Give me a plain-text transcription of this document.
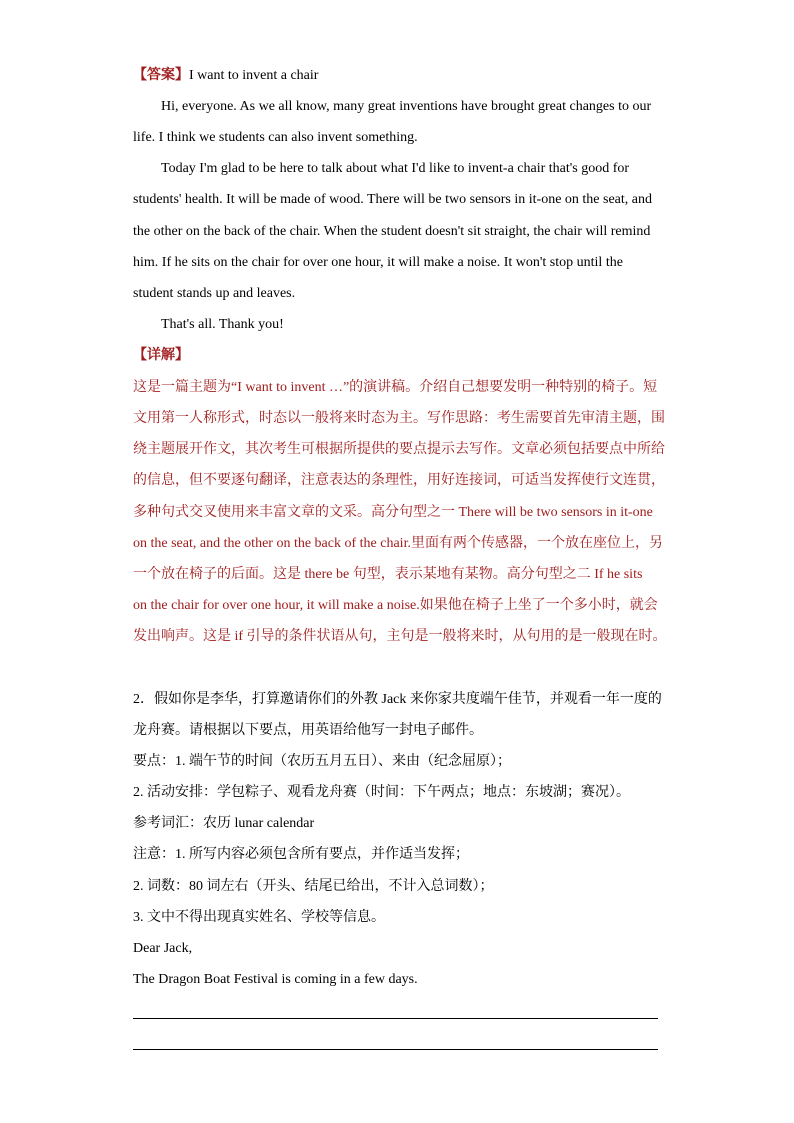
【答案】I want to invent a chair
Hi, everyone. As we all know, many great inventions have brought great changes to our
life. I think we students can also invent something.
Today I'm glad to be here to talk about what I'd like to invent-a chair that's good for
students' health. It will be made of wood. There will be two sensors in it-one on the seat, and
the other on the back of the chair. When the student doesn't sit straight, the chair will remind
him. If he sits on the chair for over one hour, it will make a noise. It won't stop until the
student stands up and leaves.
That's all. Thank you!
【详解】
这是一篇主题为“I want to invent …”的演讲稿。介绍自己想要发明一种特别的椅子。短
文用第一人称形式，时态以一般将来时态为主。写作思路：考生需要首先审清主题，围
绕主题展开作文，其次考生可根据所提供的要点提示去写作。文章必须包括要点中所给
的信息，但不要逐句翻译，注意表达的条理性，用好连接词，可适当发挥使行文连贯，
多种句式交叉使用来丰富文章的文采。高分句型之一 There will be two sensors in it-one
on the seat, and the other on the back of the chair.里面有两个传感器，一个放在座位上，另
一个放在椅子的后面。这是 there be 句型，表示某地有某物。高分句型之二 If he sits
on the chair for over one hour, it will make a noise.如果他在椅子上坐了一个多小时，就会
发出响声。这是 if 引导的条件状语从句，主句是一般将来时，从句用的是一般现在时。
2．假如你是李华，打算邀请你们的外教 Jack 来你家共度端午佳节，并观看一年一度的
龙舟赛。请根据以下要点，用英语给他写一封电子邮件。
要点：1. 端午节的时间（农历五月五日）、来由（纪念屈原）；
2. 活动安排：学包粽子、观看龙舟赛（时间：下午两点；地点：东坡湖；赛况）。
参考词汇：农历 lunar calendar
注意：1. 所写内容必须包含所有要点，并作适当发挥；
2. 词数：80 词左右（开头、结尾已给出，不计入总词数）；
3. 文中不得出现真实姓名、学校等信息。
Dear Jack,
The Dragon Boat Festival is coming in a few days.
